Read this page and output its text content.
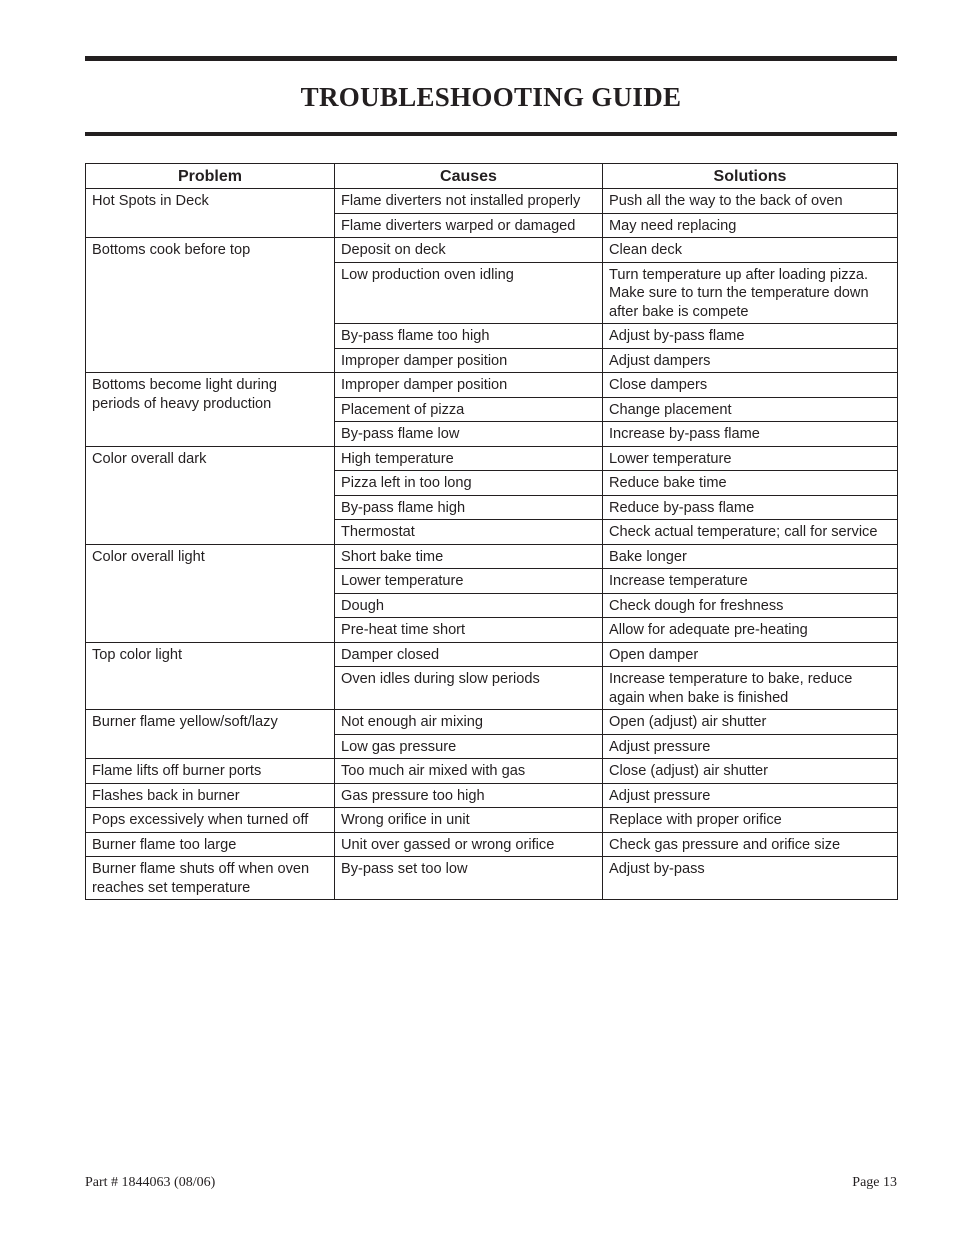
TROUBLESHOOTING GUIDE
Problem	Causes	Solutions
Hot Spots in Deck	Flame diverters not installed properly	Push all the way to the back of oven
	Flame diverters warped or damaged	May need replacing
Bottoms cook before top	Deposit on deck	Clean deck
	Low production oven idling	Turn temperature up after loading pizza. Make sure to turn the temperature down after bake is compete
	By-pass flame too high	Adjust by-pass flame
	Improper damper position	Adjust dampers
Bottoms become light during periods of heavy production	Improper damper position	Close dampers
	Placement of pizza	Change placement
	By-pass flame low	Increase by-pass flame
Color overall dark	High temperature	Lower temperature
	Pizza left in too long	Reduce bake time
	By-pass flame high	Reduce by-pass flame
	Thermostat	Check actual temperature; call for service
Color overall light	Short bake time	Bake longer
	Lower temperature	Increase temperature
	Dough	Check dough for freshness
	Pre-heat time short	Allow for adequate pre-heating
Top color light	Damper closed	Open damper
	Oven idles during slow periods	Increase temperature to bake, reduce again when bake is finished
Burner flame yellow/soft/lazy	Not enough air mixing	Open (adjust) air shutter
	Low gas pressure	Adjust pressure
Flame lifts off burner ports	Too much air mixed with gas	Close (adjust) air shutter
Flashes back in burner	Gas pressure too high	Adjust pressure
Pops excessively when turned off	Wrong orifice in unit	Replace with proper orifice
Burner flame too large	Unit over gassed or wrong orifice	Check gas pressure and orifice size
Burner flame shuts off when oven reaches set temperature	By-pass set too low	Adjust by-pass
Part # 1844063 (08/06)	Page 13
